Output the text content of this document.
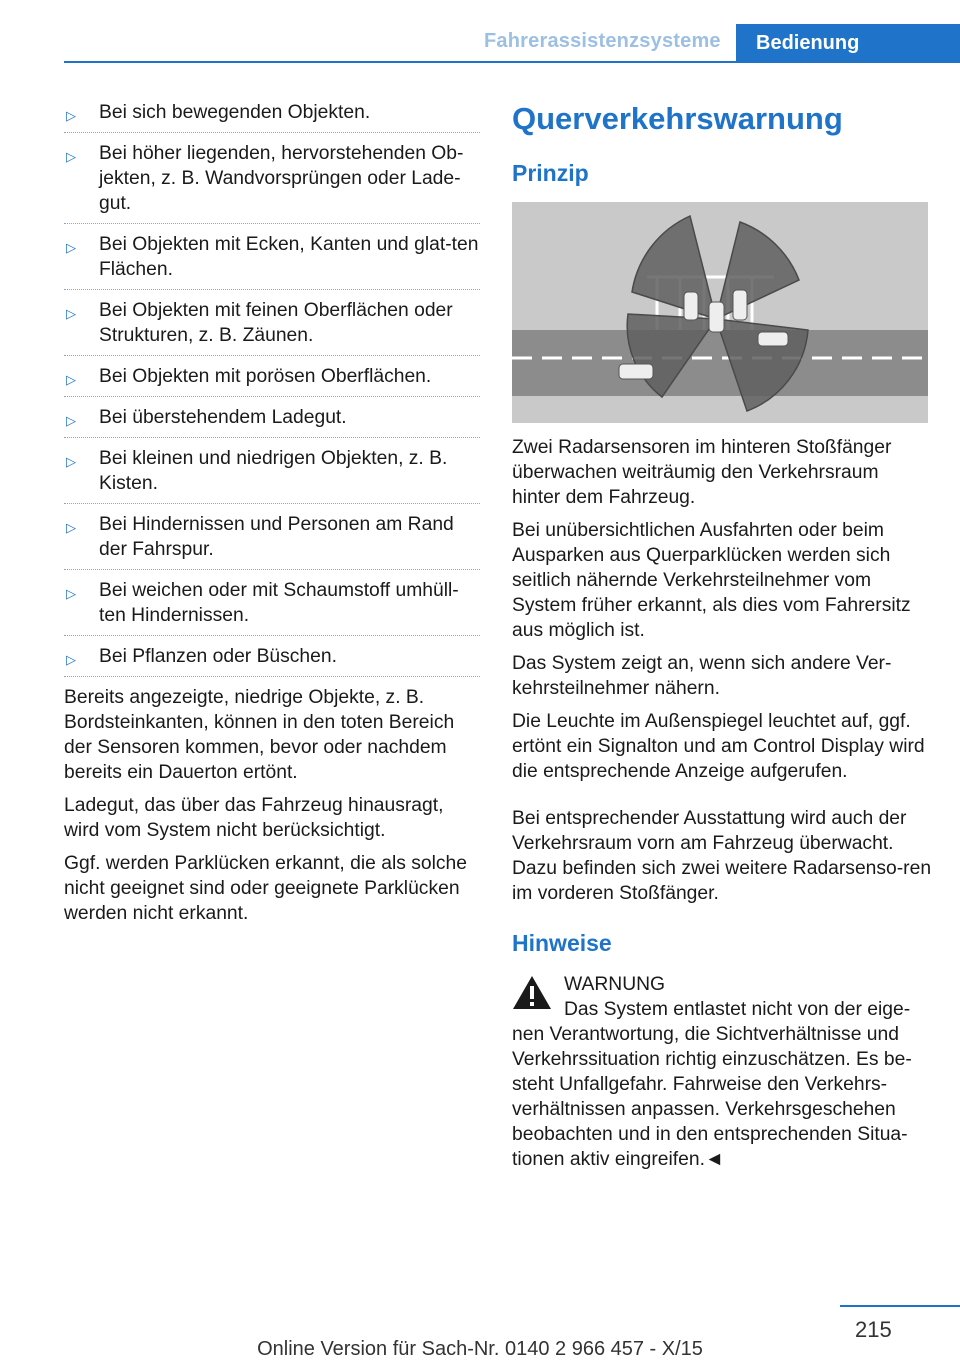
Fahrerassistenzsysteme	Bedienung
▷ Bei sich bewegenden Objekten.
▷ Bei höher liegenden, hervorstehenden Ob-jekten, z. B. Wandvorsprüngen oder Lade-gut.
▷ Bei Objekten mit Ecken, Kanten und glat-ten Flächen.
▷ Bei Objekten mit feinen Oberflächen oder Strukturen, z. B. Zäunen.
▷ Bei Objekten mit porösen Oberflächen.
▷ Bei überstehendem Ladegut.
▷ Bei kleinen und niedrigen Objekten, z. B. Kisten.
▷ Bei Hindernissen und Personen am Rand der Fahrspur.
▷ Bei weichen oder mit Schaumstoff umhüll-ten Hindernissen.
▷ Bei Pflanzen oder Büschen.

Bereits angezeigte, niedrige Objekte, z. B. Bordsteinkanten, können in den toten Bereich der Sensoren kommen, bevor oder nachdem bereits ein Dauerton ertönt.

Ladegut, das über das Fahrzeug hinausragt, wird vom System nicht berücksichtigt.

Ggf. werden Parklücken erkannt, die als solche nicht geeignet sind oder geeignete Parklücken werden nicht erkannt.

Querverkehrswarnung
Prinzip

Zwei Radarsensoren im hinteren Stoßfänger überwachen weiträumig den Verkehrsraum hinter dem Fahrzeug.

Bei unübersichtlichen Ausfahrten oder beim Ausparken aus Querparklücken werden sich seitlich nähernde Verkehrsteilnehmer vom System früher erkannt, als dies vom Fahrersitz aus möglich ist.

Das System zeigt an, wenn sich andere Ver-kehrsteilnehmer nähern.

Die Leuchte im Außenspiegel leuchtet auf, ggf. ertönt ein Signalton und am Control Display wird die entsprechende Anzeige aufgerufen.

Bei entsprechender Ausstattung wird auch der Verkehrsraum vorn am Fahrzeug überwacht. Dazu befinden sich zwei weitere Radarsenso-ren im vorderen Stoßfänger.

Hinweise
WARNUNG

Das System entlastet nicht von der eige-nen Verantwortung, die Sichtverhältnisse und Verkehrssituation richtig einzuschätzen. Es be-steht Unfallgefahr. Fahrweise den Verkehrs-verhältnissen anpassen. Verkehrsgeschehen beobachten und in den entsprechenden Situa-tionen aktiv eingreifen.◄

215
Online Version für Sach-Nr. 0140 2 966 457 - X/15
